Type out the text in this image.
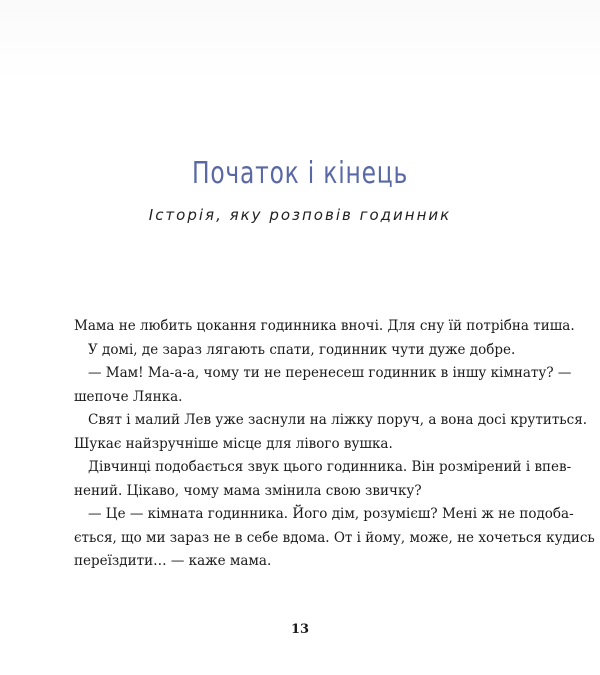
Початок і кінець
Історія, яку розповів годинник
Мама не любить цокання годинника вночі. Для сну їй потрібна тиша.
У домі, де зараз лягають спати, годинник чути дуже добре.
— Мам! Ма-а-а, чому ти не перенесеш годинник в іншу кімнату? —
шепоче Лянка.
Свят і малий Лев уже заснули на ліжку поруч, а вона досі крутиться.
Шукає найзручніше місце для лівого вушка.
Дівчинці подобається звук цього годинника. Він розмірений і впев-
нений. Цікаво, чому мама змінила свою звичку?
— Це — кімната годинника. Його дім, розумієш? Мені ж не подоба-
ється, що ми зараз не в себе вдома. От і йому, може, не хочеться кудись
переїздити… — каже мама.
13
